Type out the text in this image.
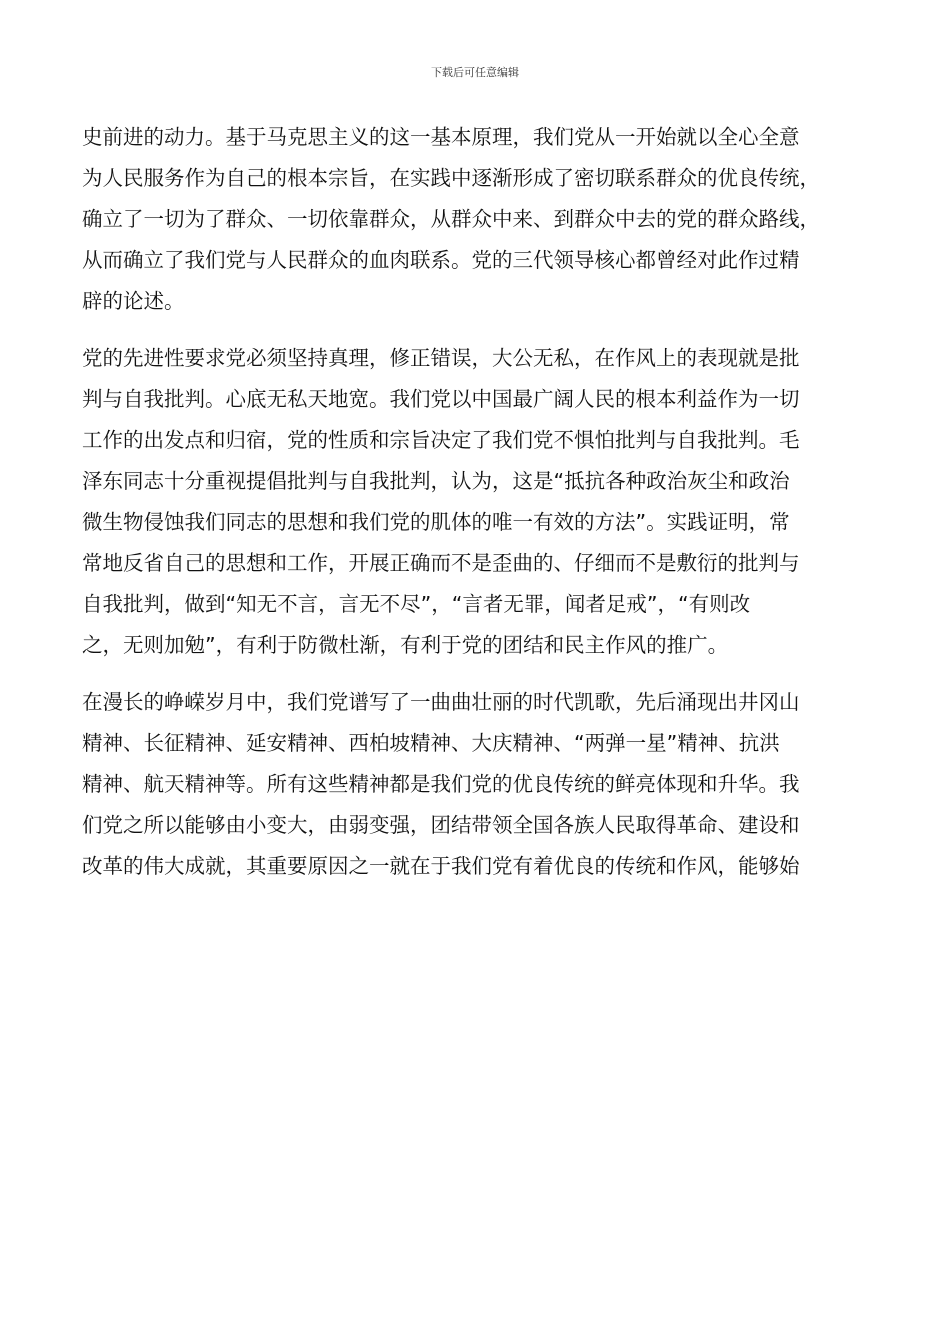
下载后可任意编辑
史前进的动力。基于马克思主义的这一基本原理，我们党从一开始就以全心全意
为人民服务作为自己的根本宗旨，在实践中逐渐形成了密切联系群众的优良传统，
确立了一切为了群众、一切依靠群众，从群众中来、到群众中去的党的群众路线，
从而确立了我们党与人民群众的血肉联系。党的三代领导核心都曾经对此作过精
辟的论述。
党的先进性要求党必须坚持真理，修正错误，大公无私，在作风上的表现就是批
判与自我批判。心底无私天地宽。我们党以中国最广阔人民的根本利益作为一切
工作的出发点和归宿，党的性质和宗旨决定了我们党不惧怕批判与自我批判。毛
泽东同志十分重视提倡批判与自我批判，认为，这是“抵抗各种政治灰尘和政治
微生物侵蚀我们同志的思想和我们党的肌体的唯一有效的方法”。实践证明，常
常地反省自己的思想和工作，开展正确而不是歪曲的、仔细而不是敷衍的批判与
自我批判，做到“知无不言，言无不尽”，“言者无罪，闻者足戒”，“有则改
之，无则加勉”，有利于防微杜渐，有利于党的团结和民主作风的推广。
在漫长的峥嵘岁月中，我们党谱写了一曲曲壮丽的时代凯歌，先后涌现出井冈山
精神、长征精神、延安精神、西柏坡精神、大庆精神、“两弹一星”精神、抗洪
精神、航天精神等。所有这些精神都是我们党的优良传统的鲜亮体现和升华。我
们党之所以能够由小变大，由弱变强，团结带领全国各族人民取得革命、建设和
改革的伟大成就，其重要原因之一就在于我们党有着优良的传统和作风，能够始
